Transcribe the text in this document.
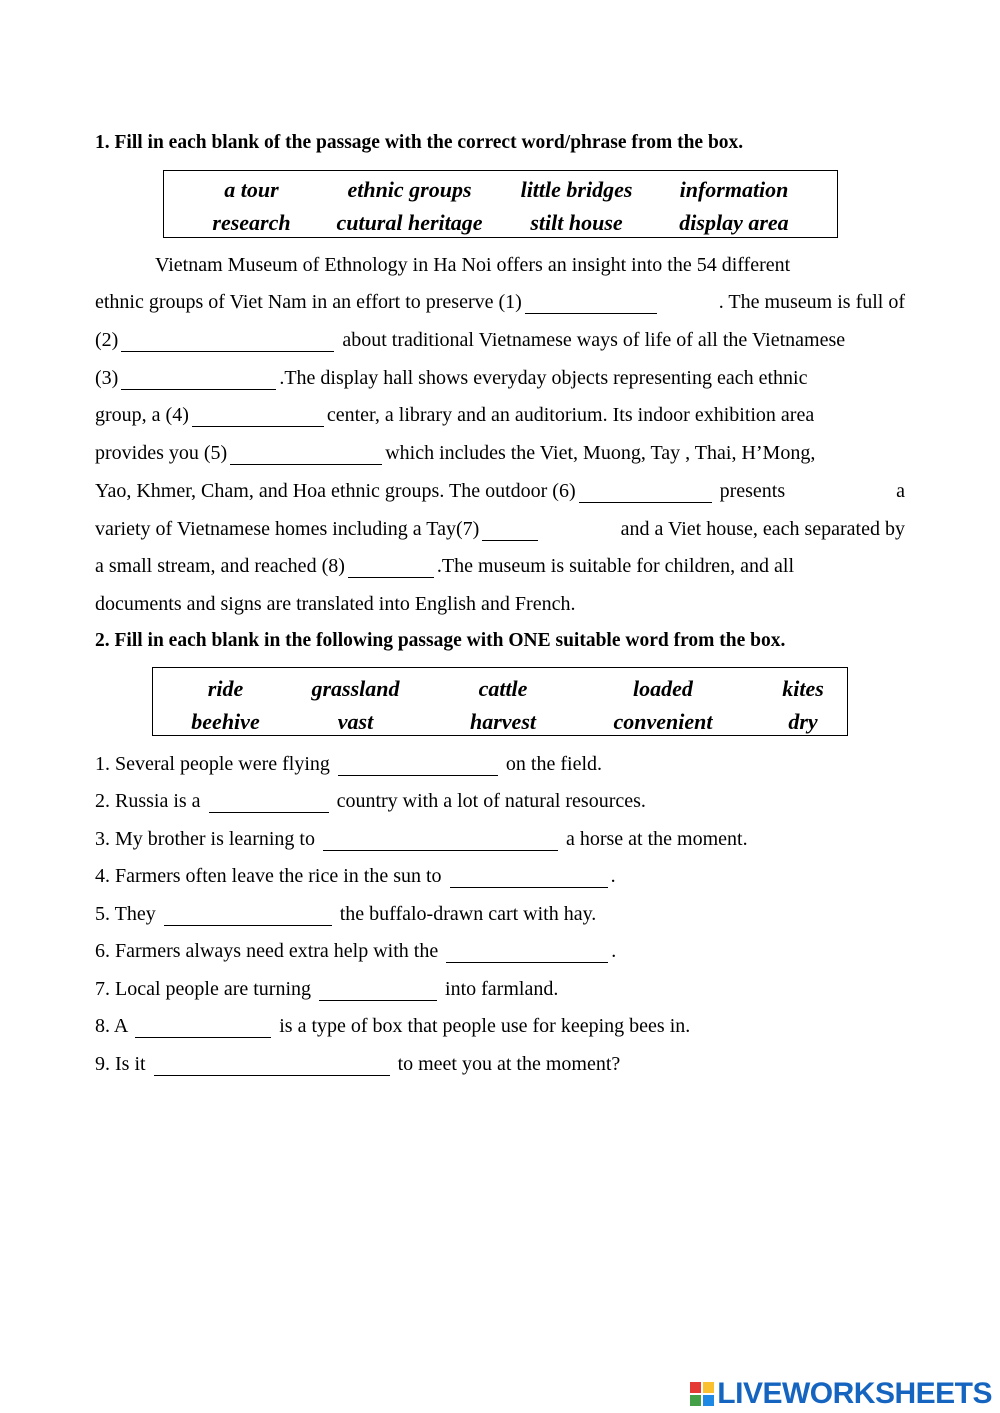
1. Fill in each blank of the passage with the correct word/phrase from the box.
a tour	ethnic groups	little bridges	information
research	cutural heritage	stilt house	display area
Vietnam Museum of Ethnology in Ha Noi offers an insight into the 54 different
ethnic groups of Viet Nam in an effort to preserve (1)	. The museum is full of
(2)	about traditional Vietnamese ways of life of all the Vietnamese
(3)	.The display hall shows everyday objects representing each ethnic
group, a (4)	center, a library and an auditorium. Its indoor exhibition area
provides you (5)	which includes the Viet, Muong, Tay , Thai, H’Mong,
Yao, Khmer, Cham, and Hoa ethnic groups. The outdoor (6)	presents	a
variety of Vietnamese homes including a Tay(7)	and a Viet house, each separated by
a small stream, and reached (8)	.The museum is suitable for children, and all
documents and signs are translated into English and French.
2. Fill in each blank in the following passage with ONE suitable word from the box.
ride	grassland	cattle	loaded	kites
beehive	vast	harvest	convenient	dry
1. Several people were flying	on the field.
2. Russia is a	country with a lot of natural resources.
3. My brother is learning to	a horse at the moment.
4. Farmers often leave the rice in the sun to	.
5. They	the buffalo-drawn cart with hay.
6. Farmers always need extra help with the	.
7. Local people are turning	into farmland.
8. A	is a type of box that people use for keeping bees in.
9. Is it	to meet you at the moment?
LIVEWORKSHEETS
